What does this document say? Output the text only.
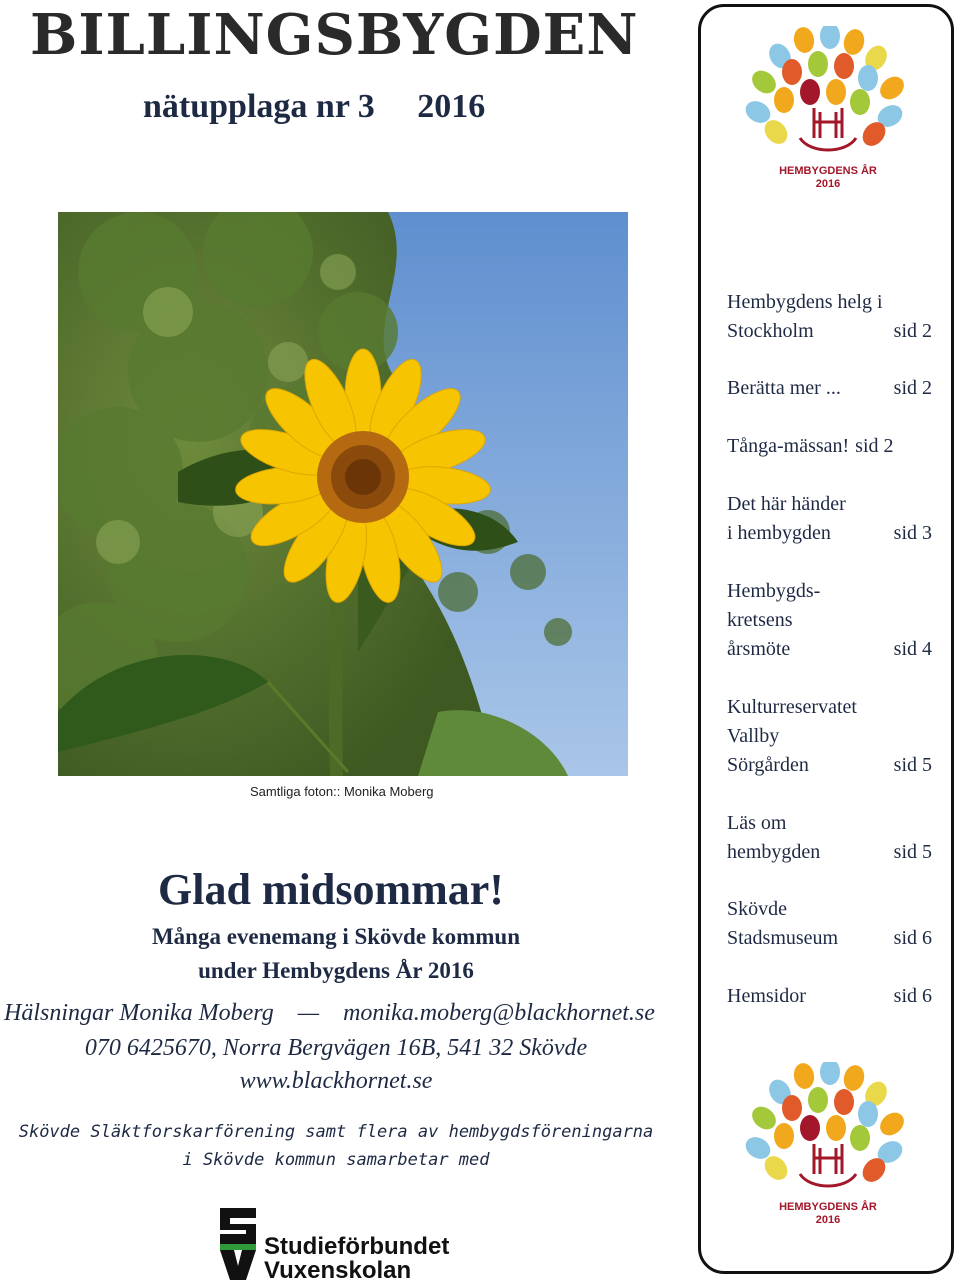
BILLINGSBYGDEN
nätupplaga nr 3     2016
Samtliga foton:: Monika Moberg
Glad midsommar!
Många evenemang i Skövde kommun
under Hembygdens År 2016
Hälsningar Monika Moberg    —    monika.moberg@blackhornet.se
070 6425670, Norra Bergvägen 16B, 541 32 Skövde
www.blackhornet.se
Skövde Släktforskarförening samt flera av hembygdsföreningarna
i Skövde kommun samarbetar med
Studieförbundet
Vuxenskolan
HEMBYGDENS ÅR
2016
Hembygdens helg i
Stockholm	sid 2
Berätta mer ...	sid 2
Tånga-mässan! sid 2
Det här händer
i hembygden	sid 3
Hembygds-
kretsens
årsmöte	sid 4
Kulturreservatet
Vallby
Sörgården	sid 5
Läs om
hembygden	sid 5
Skövde
Stadsmuseum	sid 6
Hemsidor	sid 6
HEMBYGDENS ÅR
2016
